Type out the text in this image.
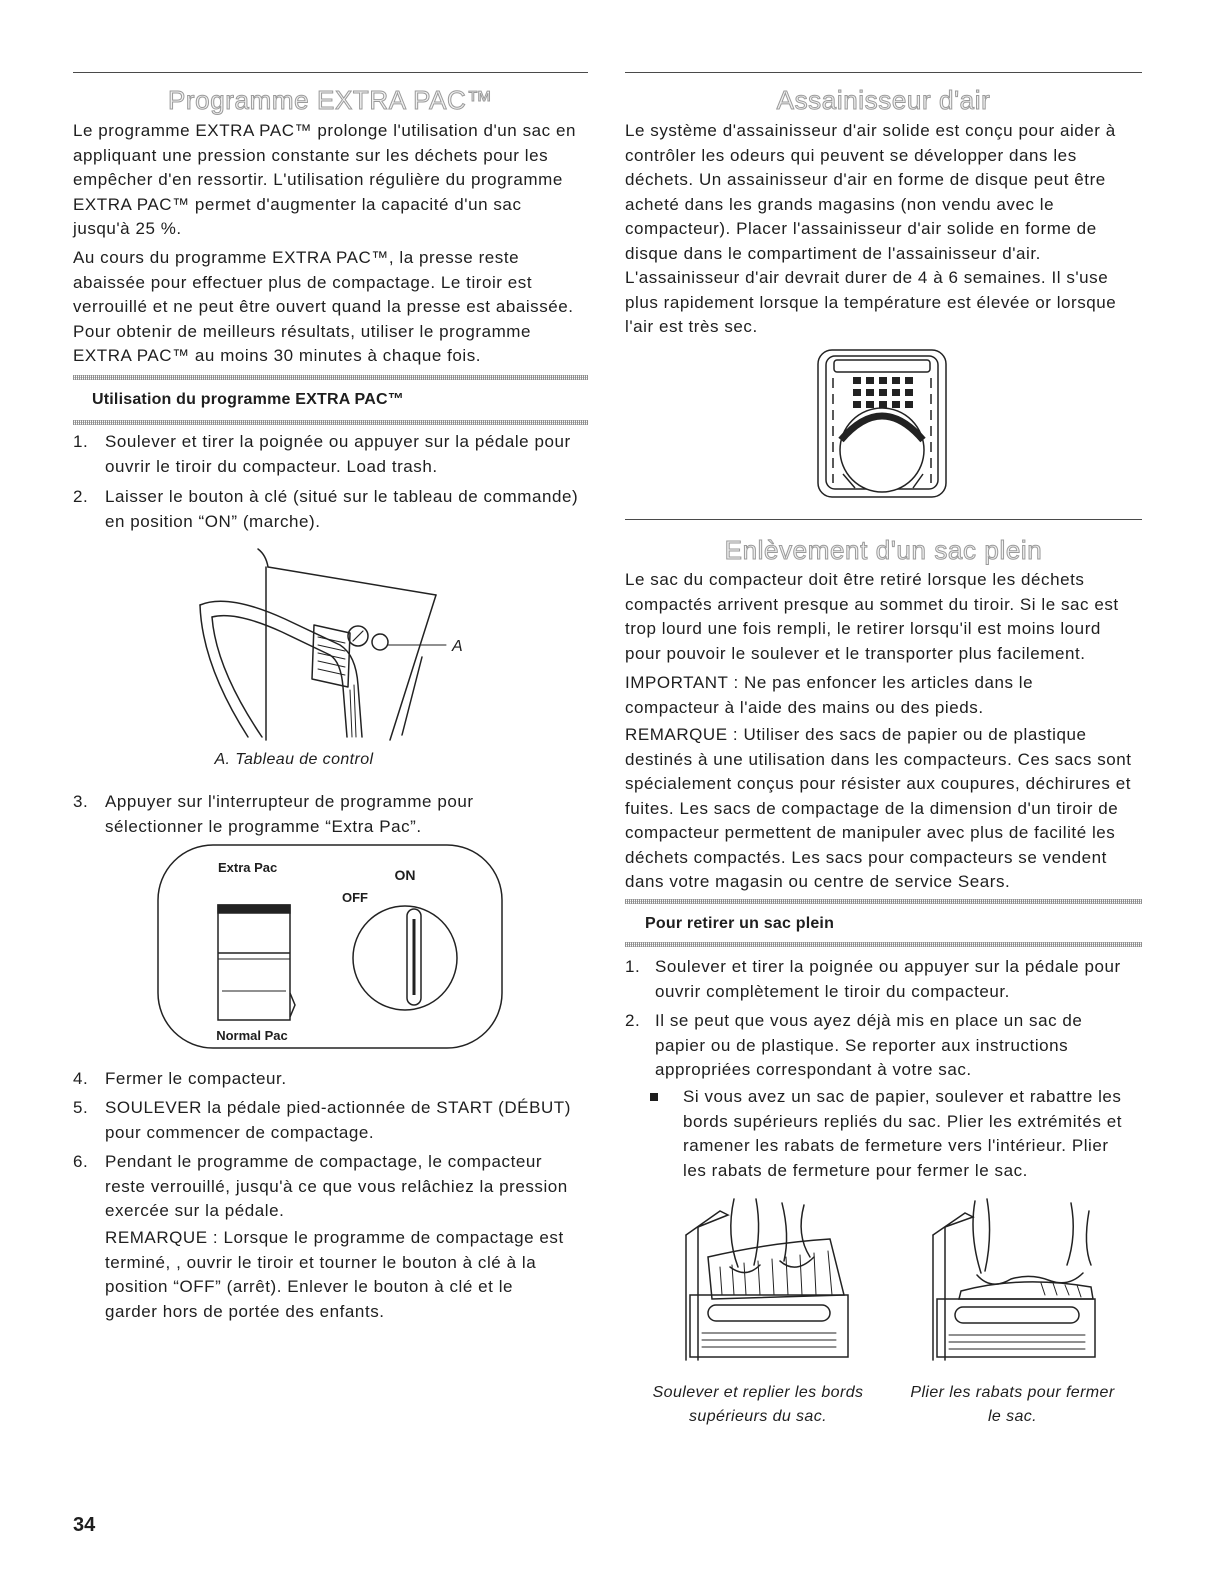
Programme EXTRA PAC™
Le programme EXTRA PAC™ prolonge l'utilisation d'un sac en
appliquant une pression constante sur les déchets pour les
empêcher d'en ressortir. L'utilisation régulière du programme
EXTRA PAC™ permet d'augmenter la capacité d'un sac
jusqu'à 25 %.
Au cours du programme EXTRA PAC™, la presse reste
abaissée pour effectuer plus de compactage. Le tiroir est
verrouillé et ne peut être ouvert quand la presse est abaissée.
Pour obtenir de meilleurs résultats, utiliser le programme
EXTRA PAC™ au moins 30 minutes à chaque fois.
Utilisation du programme EXTRA PAC™
1. Soulever et tirer la poignée ou appuyer sur la pédale pour
ouvrir le tiroir du compacteur. Load trash.
2. Laisser le bouton à clé (situé sur le tableau de commande)
en position “ON” (marche).
A
A. Tableau de control
3. Appuyer sur l'interrupteur de programme pour
sélectionner le programme “Extra Pac”.
Extra Pac	ON
OFF
Normal Pac
4. Fermer le compacteur.
5. SOULEVER la pédale pied-actionnée de START (DÉBUT)
pour commencer de compactage.
6. Pendant le programme de compactage, le compacteur
reste verrouillé, jusqu'à ce que vous relâchiez la pression
exercée sur la pédale.
REMARQUE : Lorsque le programme de compactage est
terminé, , ouvrir le tiroir et tourner le bouton à clé à la
position “OFF” (arrêt). Enlever le bouton à clé et le
garder hors de portée des enfants.
Assainisseur d'air
Le système d'assainisseur d'air solide est conçu pour aider à
contrôler les odeurs qui peuvent se développer dans les
déchets. Un assainisseur d'air en forme de disque peut être
acheté dans les grands magasins (non vendu avec le
compacteur). Placer l'assainisseur d'air solide en forme de
disque dans le compartiment de l'assainisseur d'air.
L'assainisseur d'air devrait durer de 4 à 6 semaines. Il s'use
plus rapidement lorsque la température est élevée or lorsque
l'air est très sec.
Enlèvement d'un sac plein
Le sac du compacteur doit être retiré lorsque les déchets
compactés arrivent presque au sommet du tiroir. Si le sac est
trop lourd une fois rempli, le retirer lorsqu'il est moins lourd
pour pouvoir le soulever et le transporter plus facilement.
IMPORTANT : Ne pas enfoncer les articles dans le
compacteur à l'aide des mains ou des pieds.
REMARQUE : Utiliser des sacs de papier ou de plastique
destinés à une utilisation dans les compacteurs. Ces sacs sont
spécialement conçus pour résister aux coupures, déchirures et
fuites. Les sacs de compactage de la dimension d'un tiroir de
compacteur permettent de manipuler avec plus de facilité les
déchets compactés. Les sacs pour compacteurs se vendent
dans votre magasin ou centre de service Sears.
Pour retirer un sac plein
1. Soulever et tirer la poignée ou appuyer sur la pédale pour
ouvrir complètement le tiroir du compacteur.
2. Il se peut que vous ayez déjà mis en place un sac de
papier ou de plastique. Se reporter aux instructions
appropriées correspondant à votre sac.
Si vous avez un sac de papier, soulever et rabattre les
bords supérieurs repliés du sac. Plier les extrémités et
ramener les rabats de fermeture vers l'intérieur. Plier
les rabats de fermeture pour fermer le sac.
Soulever et replier les bords
supérieurs du sac.
Plier les rabats pour fermer
le sac.
34
